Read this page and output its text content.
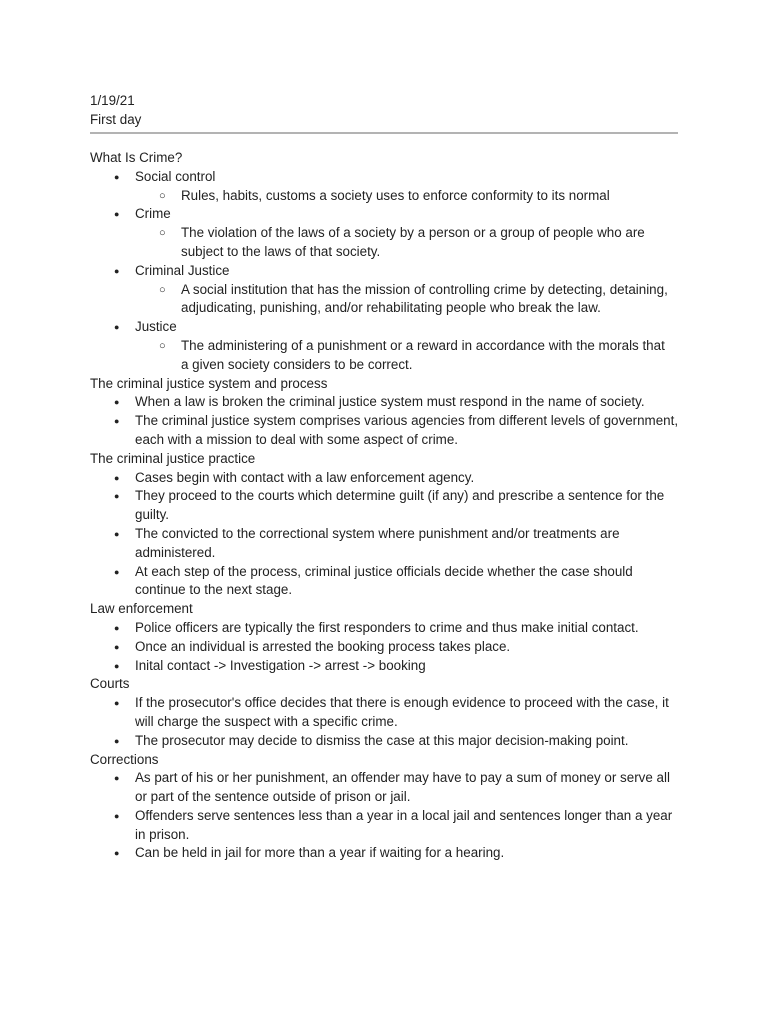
1/19/21
First day
What Is Crime?
● Social control
○ Rules, habits, customs a society uses to enforce conformity to its normal
● Crime
○ The violation of the laws of a society by a person or a group of people who are subject to the laws of that society.
● Criminal Justice
○ A social institution that has the mission of controlling crime by detecting, detaining, adjudicating, punishing, and/or rehabilitating people who break the law.
● Justice
○ The administering of a punishment or a reward in accordance with the morals that a given society considers to be correct.
The criminal justice system and process
● When a law is broken the criminal justice system must respond in the name of society.
● The criminal justice system comprises various agencies from different levels of government, each with a mission to deal with some aspect of crime.
The criminal justice practice
● Cases begin with contact with a law enforcement agency.
● They proceed to the courts which determine guilt (if any) and prescribe a sentence for the guilty.
● The convicted to the correctional system where punishment and/or treatments are administered.
● At each step of the process, criminal justice officials decide whether the case should continue to the next stage.
Law enforcement
● Police officers are typically the first responders to crime and thus make initial contact.
● Once an individual is arrested the booking process takes place.
● Inital contact -> Investigation -> arrest -> booking
Courts
● If the prosecutor's office decides that there is enough evidence to proceed with the case, it will charge the suspect with a specific crime.
● The prosecutor may decide to dismiss the case at this major decision-making point.
Corrections
● As part of his or her punishment, an offender may have to pay a sum of money or serve all or part of the sentence outside of prison or jail.
● Offenders serve sentences less than a year in a local jail and sentences longer than a year in prison.
● Can be held in jail for more than a year if waiting for a hearing.
